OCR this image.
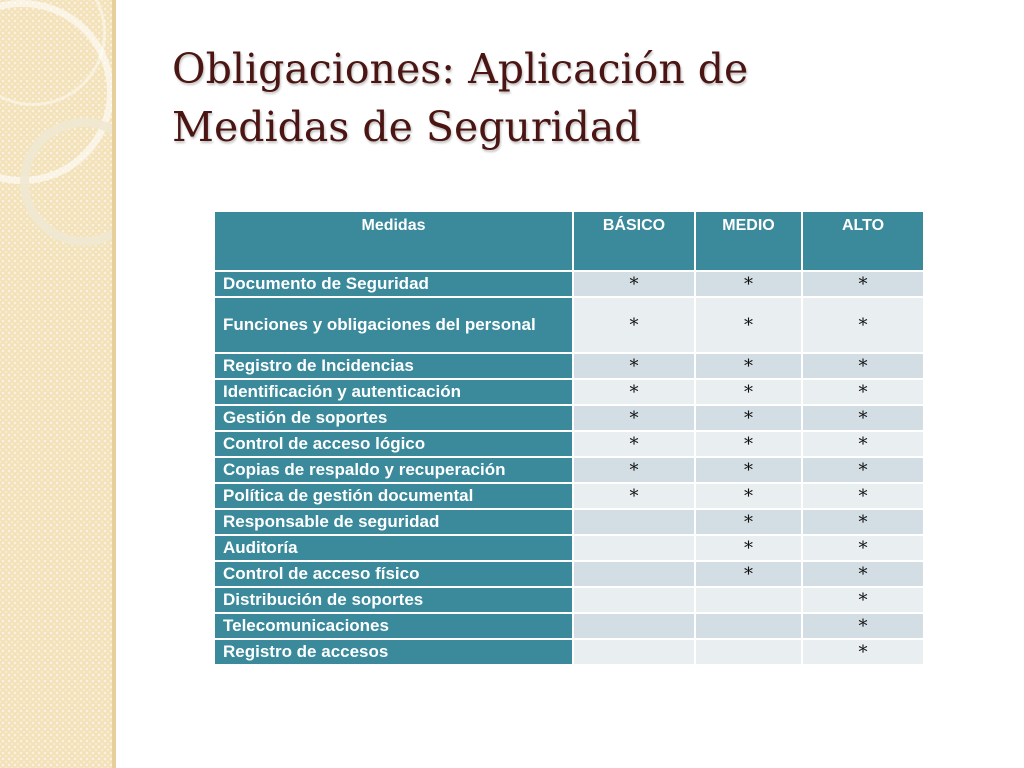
Obligaciones: Aplicación de
Medidas de Seguridad
Medidas	BÁSICO	MEDIO	ALTO
Documento de Seguridad	*	*	*
Funciones y obligaciones del personal	*	*	*
Registro de Incidencias	*	*	*
Identificación y autenticación	*	*	*
Gestión de soportes	*	*	*
Control de acceso lógico	*	*	*
Copias de respaldo y recuperación	*	*	*
Política de gestión documental	*	*	*
Responsable de seguridad		*	*
Auditoría		*	*
Control de acceso físico		*	*
Distribución de soportes			*
Telecomunicaciones			*
Registro de accesos			*
